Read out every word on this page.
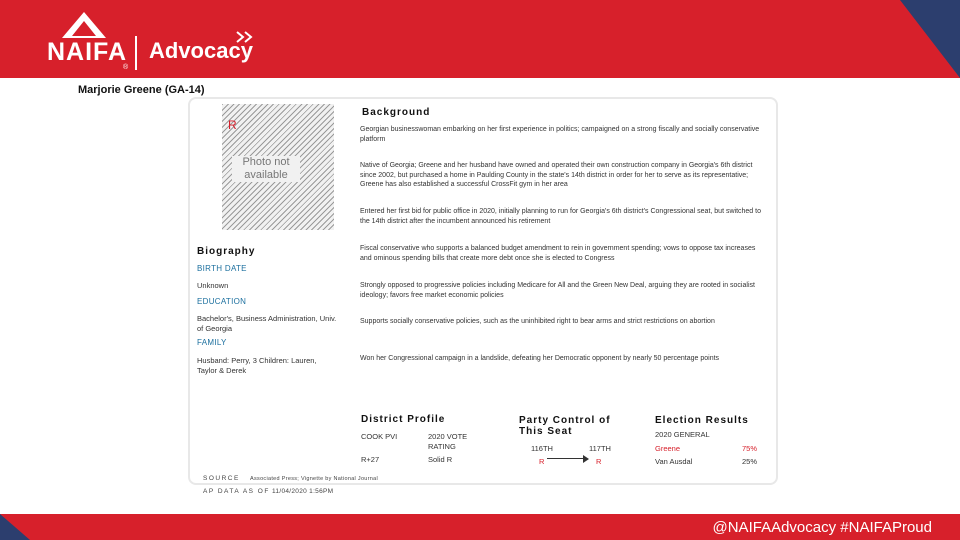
NAIFA
®
Advocacy
Marjorie Greene (GA-14)
R
Photo not available
Biography
BIRTH DATE
Unknown
EDUCATION
Bachelor's, Business Administration, Univ. of Georgia
FAMILY
Husband: Perry, 3 Children: Lauren, Taylor & Derek
Background
Georgian businesswoman embarking on her first experience in politics; campaigned on a strong fiscally and socially conservative platform
Native of Georgia; Greene and her husband have owned and operated their own construction company in Georgia's 6th district since 2002, but purchased a home in Paulding County in the state's 14th district in order for her to serve as its representative; Greene has also established a successful CrossFit gym in her area
Entered her first bid for public office in 2020, initially planning to run for Georgia's 6th district's Congressional seat, but switched to the 14th district after the incumbent announced his retirement
Fiscal conservative who supports a balanced budget amendment to rein in government spending; vows to oppose tax increases and ominous spending bills that create more debt once she is elected to Congress
Strongly opposed to progressive policies including Medicare for All and the Green New Deal, arguing they are rooted in socialist ideology; favors free market economic policies
Supports socially conservative policies, such as the uninhibited right to bear arms and strict restrictions on abortion
Won her Congressional campaign in a landslide, defeating her Democratic opponent by nearly 50 percentage points
District Profile
COOK PVI	2020 VOTE RATING
R+27	Solid R
Party Control of This Seat
116TH	117TH
R	R
Election Results
2020 GENERAL
Greene	75%
Van Ausdal	25%
SOURCE Associated Press; Vignette by National Journal
AP DATA AS OF 11/04/2020 1:56PM
@NAIFAAdvocacy #NAIFAProud
